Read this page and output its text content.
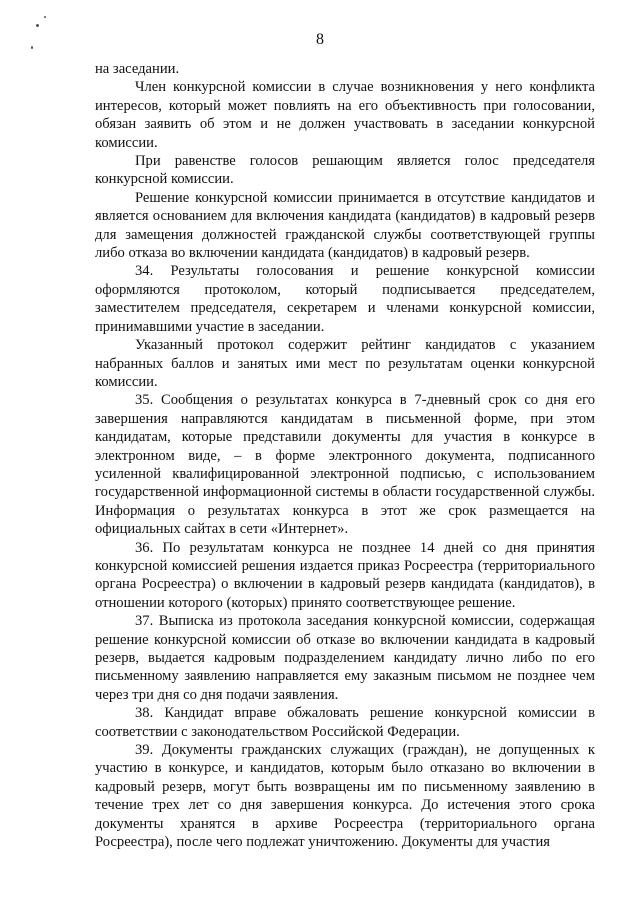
8

на заседании.

Член конкурсной комиссии в случае возникновения у него конфликта интересов, который может повлиять на его объективность при голосовании, обязан заявить об этом и не должен участвовать в заседании конкурсной комиссии.

При равенстве голосов решающим является голос председателя конкурсной комиссии.

Решение конкурсной комиссии принимается в отсутствие кандидатов и является основанием для включения кандидата (кандидатов) в кадровый резерв для замещения должностей гражданской службы соответствующей группы либо отказа во включении кандидата (кандидатов) в кадровый резерв.

34. Результаты голосования и решение конкурсной комиссии оформляются протоколом, который подписывается председателем, заместителем председателя, секретарем и членами конкурсной комиссии, принимавшими участие в заседании.

Указанный протокол содержит рейтинг кандидатов с указанием набранных баллов и занятых ими мест по результатам оценки конкурсной комиссии.

35. Сообщения о результатах конкурса в 7-дневный срок со дня его завершения направляются кандидатам в письменной форме, при этом кандидатам, которые представили документы для участия в конкурсе в электронном виде, – в форме электронного документа, подписанного усиленной квалифицированной электронной подписью, с использованием государственной информационной системы в области государственной службы. Информация о результатах конкурса в этот же срок размещается на официальных сайтах в сети «Интернет».

36. По результатам конкурса не позднее 14 дней со дня принятия конкурсной комиссией решения издается приказ Росреестра (территориального органа Росреестра) о включении в кадровый резерв кандидата (кандидатов), в отношении которого (которых) принято соответствующее решение.

37. Выписка из протокола заседания конкурсной комиссии, содержащая решение конкурсной комиссии об отказе во включении кандидата в кадровый резерв, выдается кадровым подразделением кандидату лично либо по его письменному заявлению направляется ему заказным письмом не позднее чем через три дня со дня подачи заявления.

38. Кандидат вправе обжаловать решение конкурсной комиссии в соответствии с законодательством Российской Федерации.

39. Документы гражданских служащих (граждан), не допущенных к участию в конкурсе, и кандидатов, которым было отказано во включении в кадровый резерв, могут быть возвращены им по письменному заявлению в течение трех лет со дня завершения конкурса. До истечения этого срока документы хранятся в архиве Росреестра (территориального органа Росреестра), после чего подлежат уничтожению. Документы для участия
